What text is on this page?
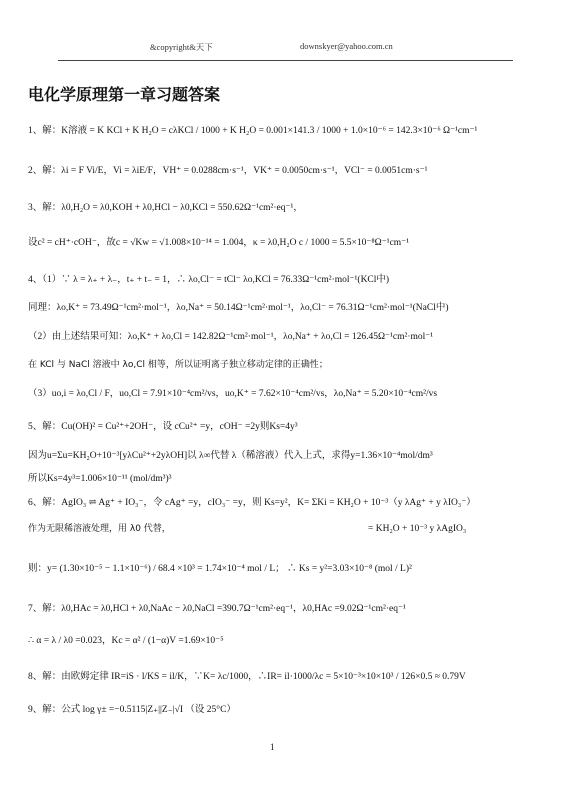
&copyright&天下	downskyer@yahoo.com.cn
电化学原理第一章习题答案
1、解：K溶液 = K KCl + K H₂O = cλKCl / 1000 + K H₂O = 0.001×141.3 / 1000 + 1.0×10⁻⁶ = 142.3×10⁻⁶ Ω⁻¹cm⁻¹
2、解：λi = F Vi/E，Vi = λiE/F，VH⁺ = 0.0288cm·s⁻¹，VK⁺ = 0.0050cm·s⁻¹，VCl⁻ = 0.0051cm·s⁻¹
3、解：λ0,H₂O = λ0,KOH + λ0,HCl − λ0,KCl = 550.62Ω⁻¹cm²·eq⁻¹，
设c² = cH⁺·cOH⁻，故c = √Kw = √1.008×10⁻¹⁴ = 1.004，κ = λ0,H₂O c / 1000 = 5.5×10⁻⁸Ω⁻¹cm⁻¹
4、（1）∵ λ = λ₊ + λ₋，t₊ + t₋ = 1，∴ λo,Cl⁻ = tCl⁻ λo,KCl = 76.33Ω⁻¹cm²·mol⁻¹(KCl中)
同理：λo,K⁺ = 73.49Ω⁻¹cm²·mol⁻¹，λo,Na⁺ = 50.14Ω⁻¹cm²·mol⁻¹，λo,Cl⁻ = 76.31Ω⁻¹cm²·mol⁻¹(NaCl中)
（2）由上述结果可知：λo,K⁺ + λo,Cl = 142.82Ω⁻¹cm²·mol⁻¹，λo,Na⁺ + λo,Cl = 126.45Ω⁻¹cm²·mol⁻¹
在 KCl 与 NaCl 溶液中 λo,Cl 相等，所以证明离子独立移动定律的正确性；
（3）uo,i = λo,Cl / F，uo,Cl = 7.91×10⁻⁴cm²/vs，uo,K⁺ = 7.62×10⁻⁴cm²/vs，λo,Na⁺ = 5.20×10⁻⁴cm²/vs
5、解：Cu(OH)² = Cu²⁺+2OH⁻，设 cCu²⁺ =y，cOH⁻ =2y则Ks=4y³
因为u=Σu=KH₂O+10⁻³[yλCu²⁺+2yλOH]以 λ∞代替 λ（稀溶液）代入上式，求得y=1.36×10⁻⁴mol/dm³
所以Ks=4y³=1.006×10⁻¹¹ (mol/dm³)³
6、解：AgIO₃ ⇌ Ag⁺ + IO₃⁻，令 cAg⁺ =y，cIO₃⁻ =y，则 Ks=y²，K= ΣKi = KH₂O + 10⁻³（y λAg⁺ + y λIO₃⁻）
作为无限稀溶液处理，用 λ0 代替，	= KH₂O + 10⁻³ y λAgIO₃
则：y= (1.30×10⁻⁵ − 1.1×10⁻⁶) / 68.4 ×10³ = 1.74×10⁻⁴ mol / L； ∴ Ks = y²=3.03×10⁻⁸ (mol / L)²
7、解：λ0,HAc = λ0,HCl + λ0,NaAc − λ0,NaCl =390.7Ω⁻¹cm²·eq⁻¹，λ0,HAc =9.02Ω⁻¹cm²·eq⁻¹
∴ α = λ / λ0 =0.023，Kc = α² / (1−α)V =1.69×10⁻⁵
8、解：由欧姆定律 IR=iS · l/KS = il/K，∵K= λc/1000，∴IR= il·1000/λc = 5×10⁻³×10×10³ / 126×0.5 ≈ 0.79V
9、解：公式 log γ± =−0.5115|Z₊||Z₋|√I （设 25°C）
1
